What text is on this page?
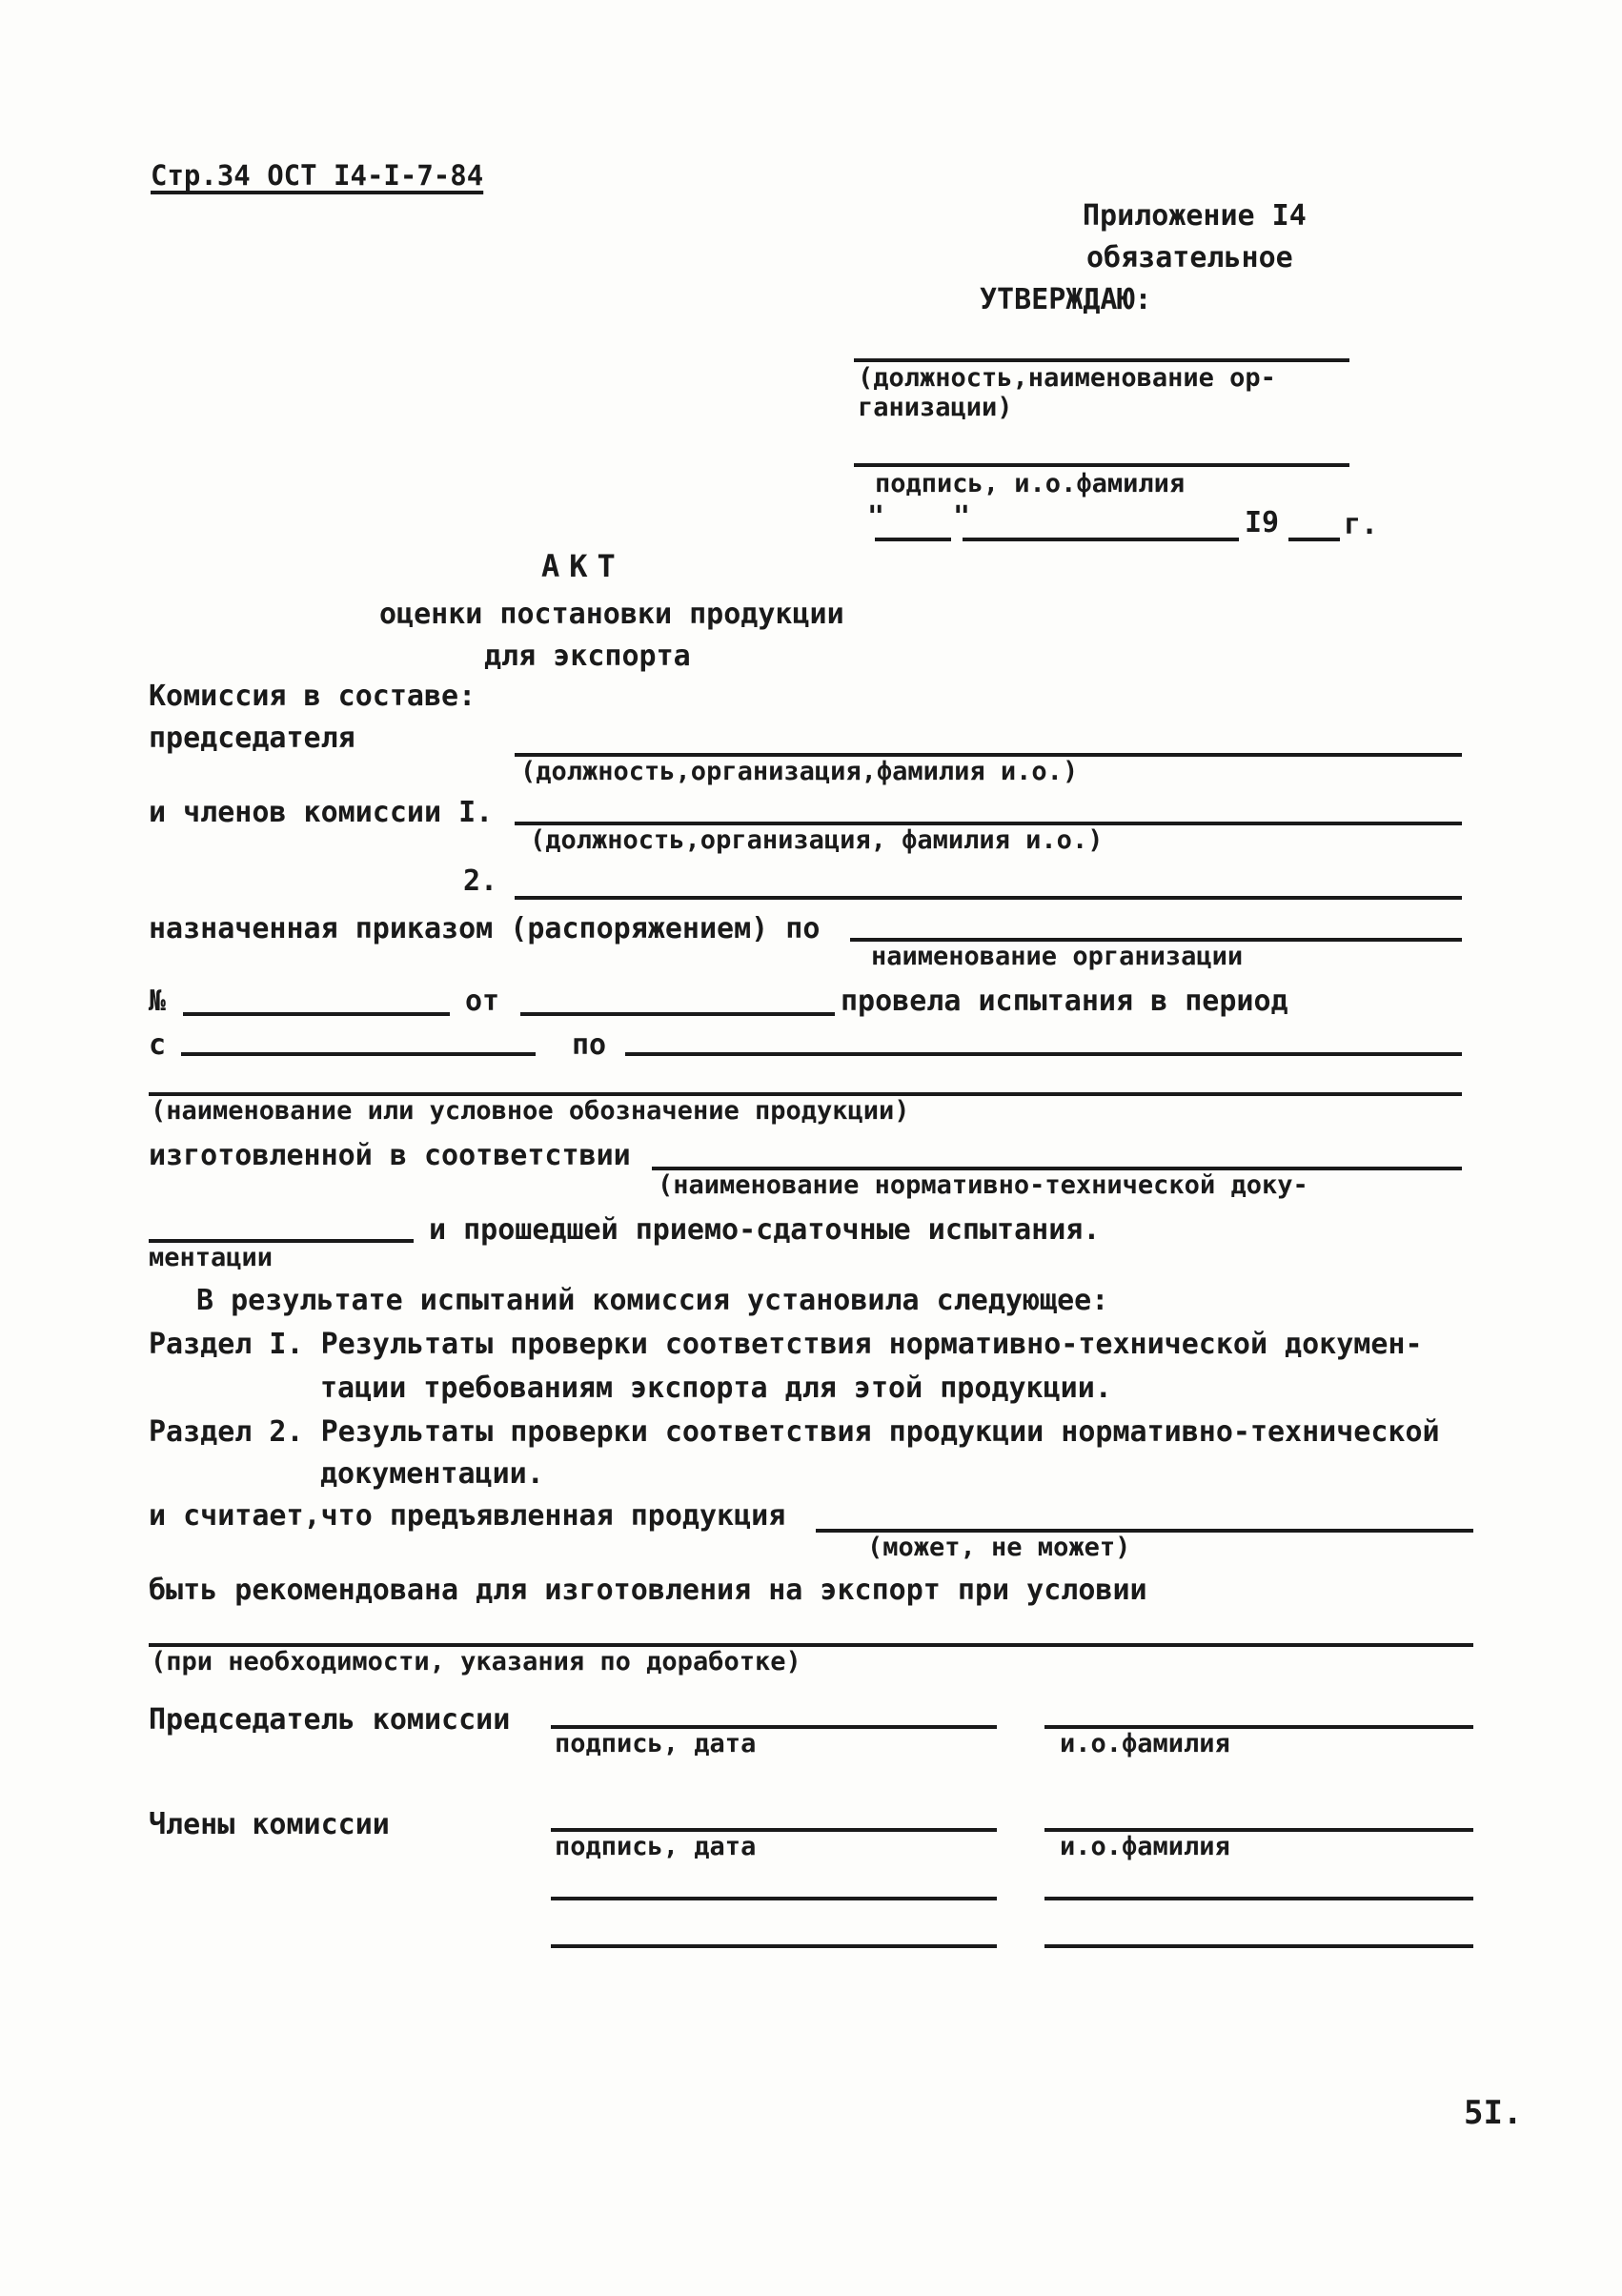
Стр.34 ОСТ I4-I-7-84
Приложение I4
обязательное
УТВЕРЖДАЮ:
(должность,наименование ор-
ганизации)
подпись, и.о.фамилия
" "	I9 г.
АКТ
оценки постановки продукции
для экспорта
Комиссия в составе:
председателя
(должность,организация,фамилия и.о.)
и членов комиссии I.
(должность,организация, фамилия и.о.)
2.
назначенная приказом (распоряжением) по
наименование организации
№	от	провела испытания в период
с	по
(наименование или условное обозначение продукции)
изготовленной в соответствии
(наименование нормативно-технической доку-
и прошедшей приемо-сдаточные испытания.
ментации
В результате испытаний комиссия установила следующее:
Раздел I. Результаты проверки соответствия нормативно-технической докумен-
тации требованиям экспорта для этой продукции.
Раздел 2. Результаты проверки соответствия продукции нормативно-технической
документации.
и считает,что предъявленная продукция
(может, не может)
быть рекомендована для изготовления на экспорт при условии
(при необходимости, указания по доработке)
Председатель комиссии
подпись, дата	и.о.фамилия
Члены комиссии
подпись, дата	и.о.фамилия
5I.
